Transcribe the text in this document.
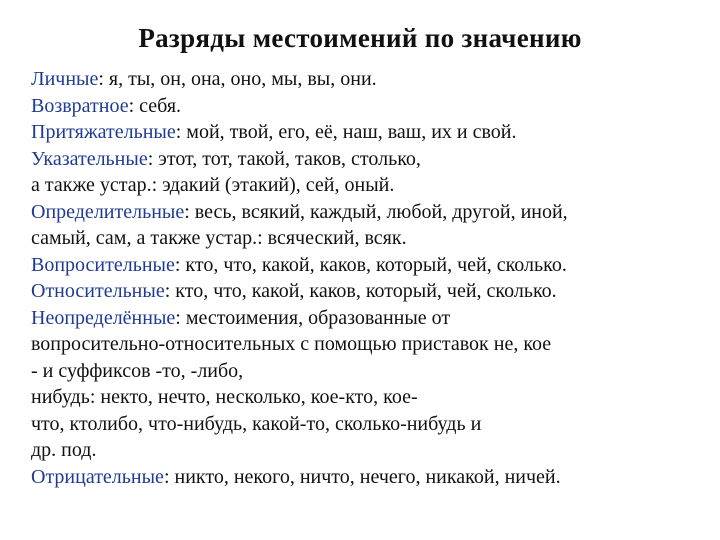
Разряды местоимений по значению

Личные: я, ты, он, она, оно, мы, вы, они.

Возвратное: себя.

Притяжательные: мой, твой, его, её, наш, ваш, их и свой.

Указательные: этот, тот, такой, таков, столько,

а также устар.: эдакий (этакий), сей, оный.

Определительные: весь, всякий, каждый, любой, другой, иной,
самый, сам, а также устар.: всяческий, всяк.

Вопросительные: кто, что, какой, каков, который, чей, сколько.

Относительные: кто, что, какой, каков, который, чей, сколько.

Неопределённые: местоимения, образованные от
вопросительно-относительных с помощью приставок не, кое
- и суффиксов -то, -либо,
нибудь: некто, нечто, несколько, кое-кто, кое-
что, ктолибо, что-нибудь, какой-то, сколько-нибудь и
др. под.

Отрицательные: никто, некого, ничто, нечего, никакой, ничей.
